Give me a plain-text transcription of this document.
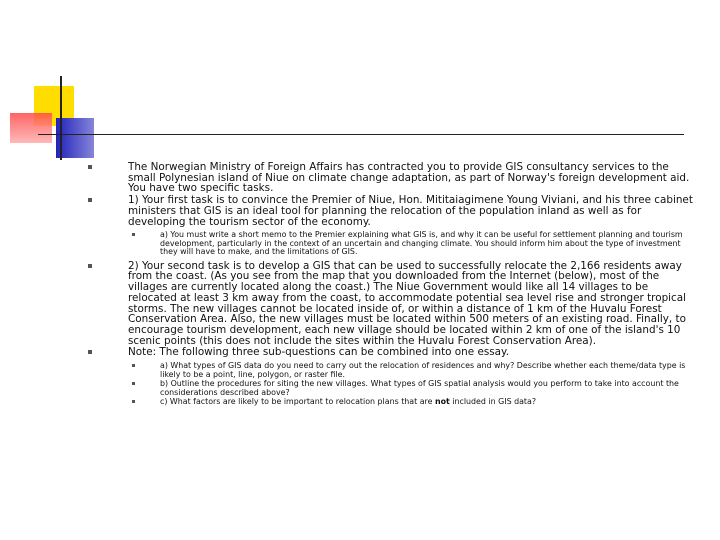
The Norwegian Ministry of Foreign Affairs has contracted you to provide GIS consultancy services to the small Polynesian island of Niue on climate change adaptation, as part of Norway's foreign development aid. You have two specific tasks.
1) Your first task is to convince the Premier of Niue, Hon. Mititaiagimene Young Viviani, and his three cabinet ministers that GIS is an ideal tool for planning the relocation of the population inland as well as for developing the tourism sector of the economy.
a) You must write a short memo to the Premier explaining what GIS is, and why it can be useful for settlement planning and tourism development, particularly in the context of an uncertain and changing climate. You should inform him about the type of investment they will have to make, and the limitations of GIS.
2) Your second task is to develop a GIS that can be used to successfully relocate the 2,166 residents away from the coast. (As you see from the map that you downloaded from the Internet (below), most of the villages are currently located along the coast.) The Niue Government would like all 14 villages to be relocated at least 3 km away from the coast, to accommodate potential sea level rise and stronger tropical storms. The new villages cannot be located inside of, or within a distance of 1 km of the Huvalu Forest Conservation Area. Also, the new villages must be located within 500 meters of an existing road. Finally, to encourage tourism development, each new village should be located within 2 km of one of the island's 10 scenic points (this does not include the sites within the Huvalu Forest Conservation Area).
Note: The following three sub-questions can be combined into one essay.
a) What types of GIS data do you need to carry out the relocation of residences and why? Describe whether each theme/data type is likely to be a point, line, polygon, or raster file.
b) Outline the procedures for siting the new villages. What types of GIS spatial analysis would you perform to take into account the considerations described above?
c) What factors are likely to be important to relocation plans that are not included in GIS data?
